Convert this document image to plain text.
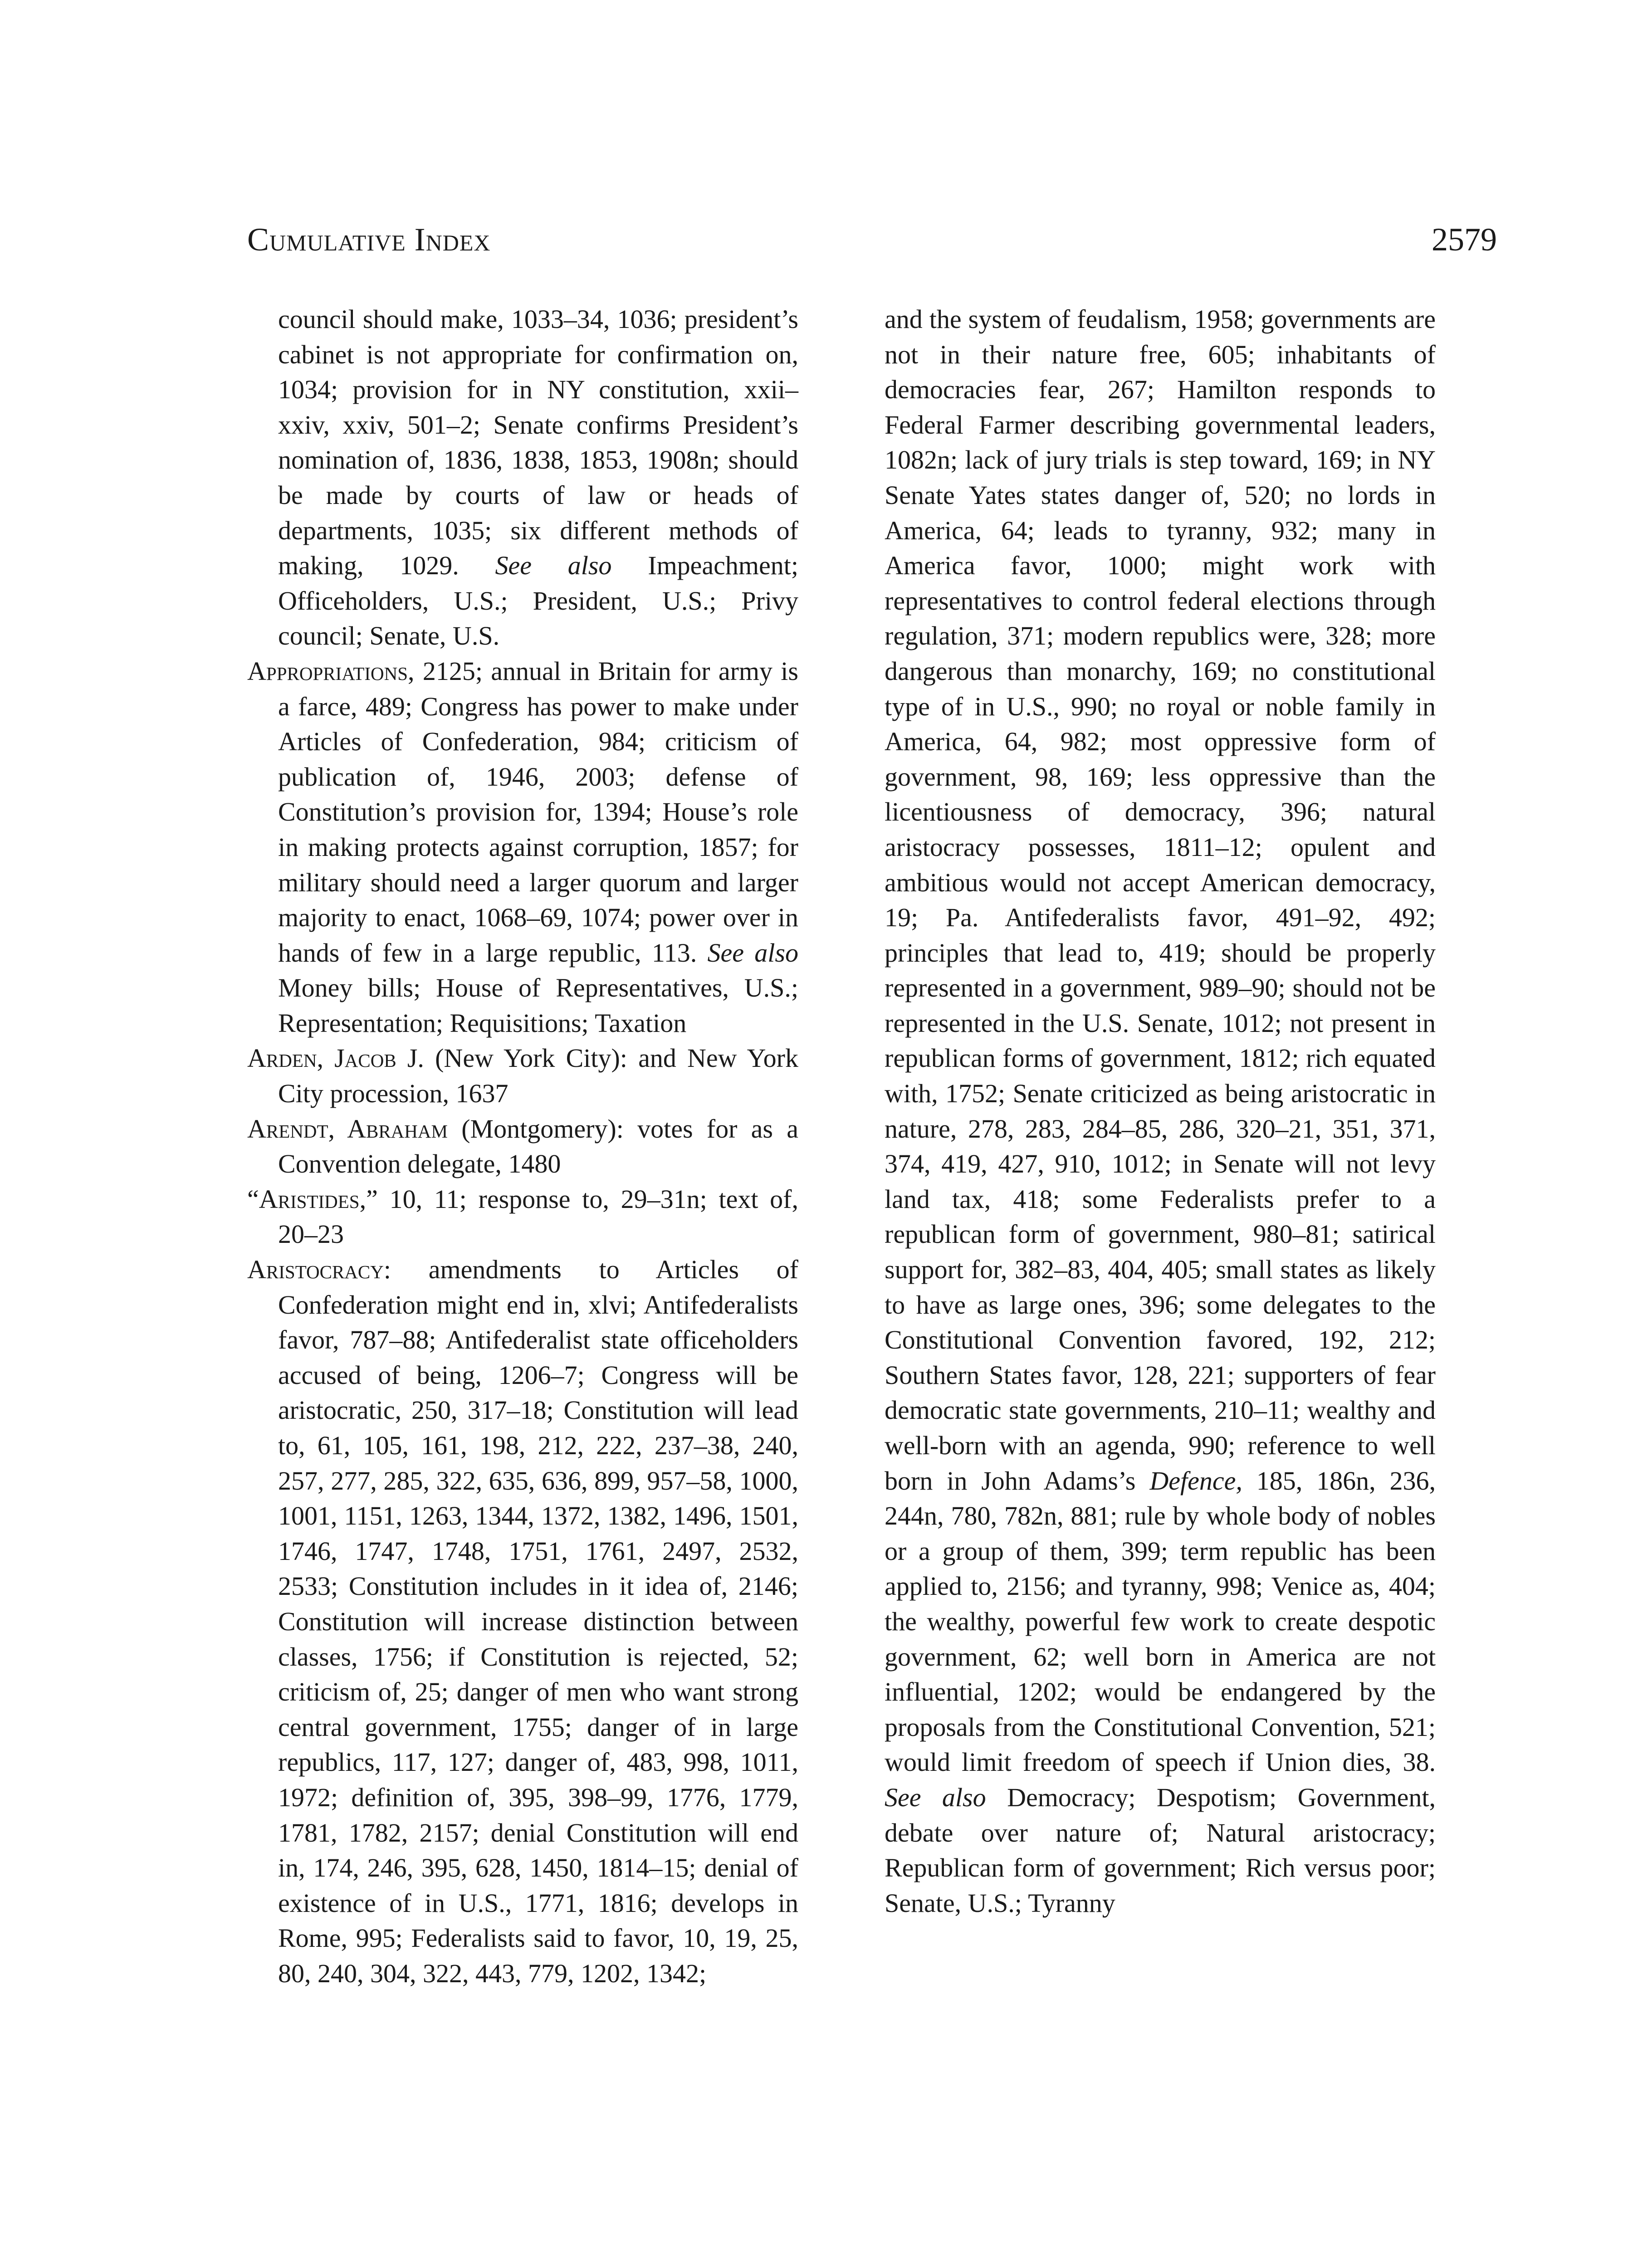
Cumulative Index	2579

council should make, 1033–34, 1036; president’s cabinet is not appropriate for confirmation on, 1034; provision for in NY constitution, xxii–xxiv, xxiv, 501–2; Senate confirms President’s nomination of, 1836, 1838, 1853, 1908n; should be made by courts of law or heads of departments, 1035; six different methods of making, 1029. See also Impeachment; Officeholders, U.S.; President, U.S.; Privy council; Senate, U.S.

Appropriations, 2125; annual in Britain for army is a farce, 489; Congress has power to make under Articles of Confederation, 984; criticism of publication of, 1946, 2003; defense of Constitution’s provision for, 1394; House’s role in making protects against corruption, 1857; for military should need a larger quorum and larger majority to enact, 1068–69, 1074; power over in hands of few in a large republic, 113. See also Money bills; House of Representatives, U.S.; Representation; Requisitions; Taxation

Arden, Jacob J. (New York City): and New York City procession, 1637

Arendt, Abraham (Montgomery): votes for as a Convention delegate, 1480

“Aristides,” 10, 11; response to, 29–31n; text of, 20–23

Aristocracy: amendments to Articles of Confederation might end in, xlvi; Antifederalists favor, 787–88; Antifederalist state officeholders accused of being, 1206–7; Congress will be aristocratic, 250, 317–18; Constitution will lead to, 61, 105, 161, 198, 212, 222, 237–38, 240, 257, 277, 285, 322, 635, 636, 899, 957–58, 1000, 1001, 1151, 1263, 1344, 1372, 1382, 1496, 1501, 1746, 1747, 1748, 1751, 1761, 2497, 2532, 2533; Constitution includes in it idea of, 2146; Constitution will increase distinction between classes, 1756; if Constitution is rejected, 52; criticism of, 25; danger of men who want strong central government, 1755; danger of in large republics, 117, 127; danger of, 483, 998, 1011, 1972; definition of, 395, 398–99, 1776, 1779, 1781, 1782, 2157; denial Constitution will end in, 174, 246, 395, 628, 1450, 1814–15; denial of existence of in U.S., 1771, 1816; develops in Rome, 995; Federalists said to favor, 10, 19, 25, 80, 240, 304, 322, 443, 779, 1202, 1342;

and the system of feudalism, 1958; governments are not in their nature free, 605; inhabitants of democracies fear, 267; Hamilton responds to Federal Farmer describing governmental leaders, 1082n; lack of jury trials is step toward, 169; in NY Senate Yates states danger of, 520; no lords in America, 64; leads to tyranny, 932; many in America favor, 1000; might work with representatives to control federal elections through regulation, 371; modern republics were, 328; more dangerous than monarchy, 169; no constitutional type of in U.S., 990; no royal or noble family in America, 64, 982; most oppressive form of government, 98, 169; less oppressive than the licentiousness of democracy, 396; natural aristocracy possesses, 1811–12; opulent and ambitious would not accept American democracy, 19; Pa. Antifederalists favor, 491–92, 492; principles that lead to, 419; should be properly represented in a government, 989–90; should not be represented in the U.S. Senate, 1012; not present in republican forms of government, 1812; rich equated with, 1752; Senate criticized as being aristocratic in nature, 278, 283, 284–85, 286, 320–21, 351, 371, 374, 419, 427, 910, 1012; in Senate will not levy land tax, 418; some Federalists prefer to a republican form of government, 980–81; satirical support for, 382–83, 404, 405; small states as likely to have as large ones, 396; some delegates to the Constitutional Convention favored, 192, 212; Southern States favor, 128, 221; supporters of fear democratic state governments, 210–11; wealthy and well-born with an agenda, 990; reference to well born in John Adams’s Defence, 185, 186n, 236, 244n, 780, 782n, 881; rule by whole body of nobles or a group of them, 399; term republic has been applied to, 2156; and tyranny, 998; Venice as, 404; the wealthy, powerful few work to create despotic government, 62; well born in America are not influential, 1202; would be endangered by the proposals from the Constitutional Convention, 521; would limit freedom of speech if Union dies, 38. See also Democracy; Despotism; Government, debate over nature of; Natural aristocracy; Republican form of government; Rich versus poor; Senate, U.S.; Tyranny
